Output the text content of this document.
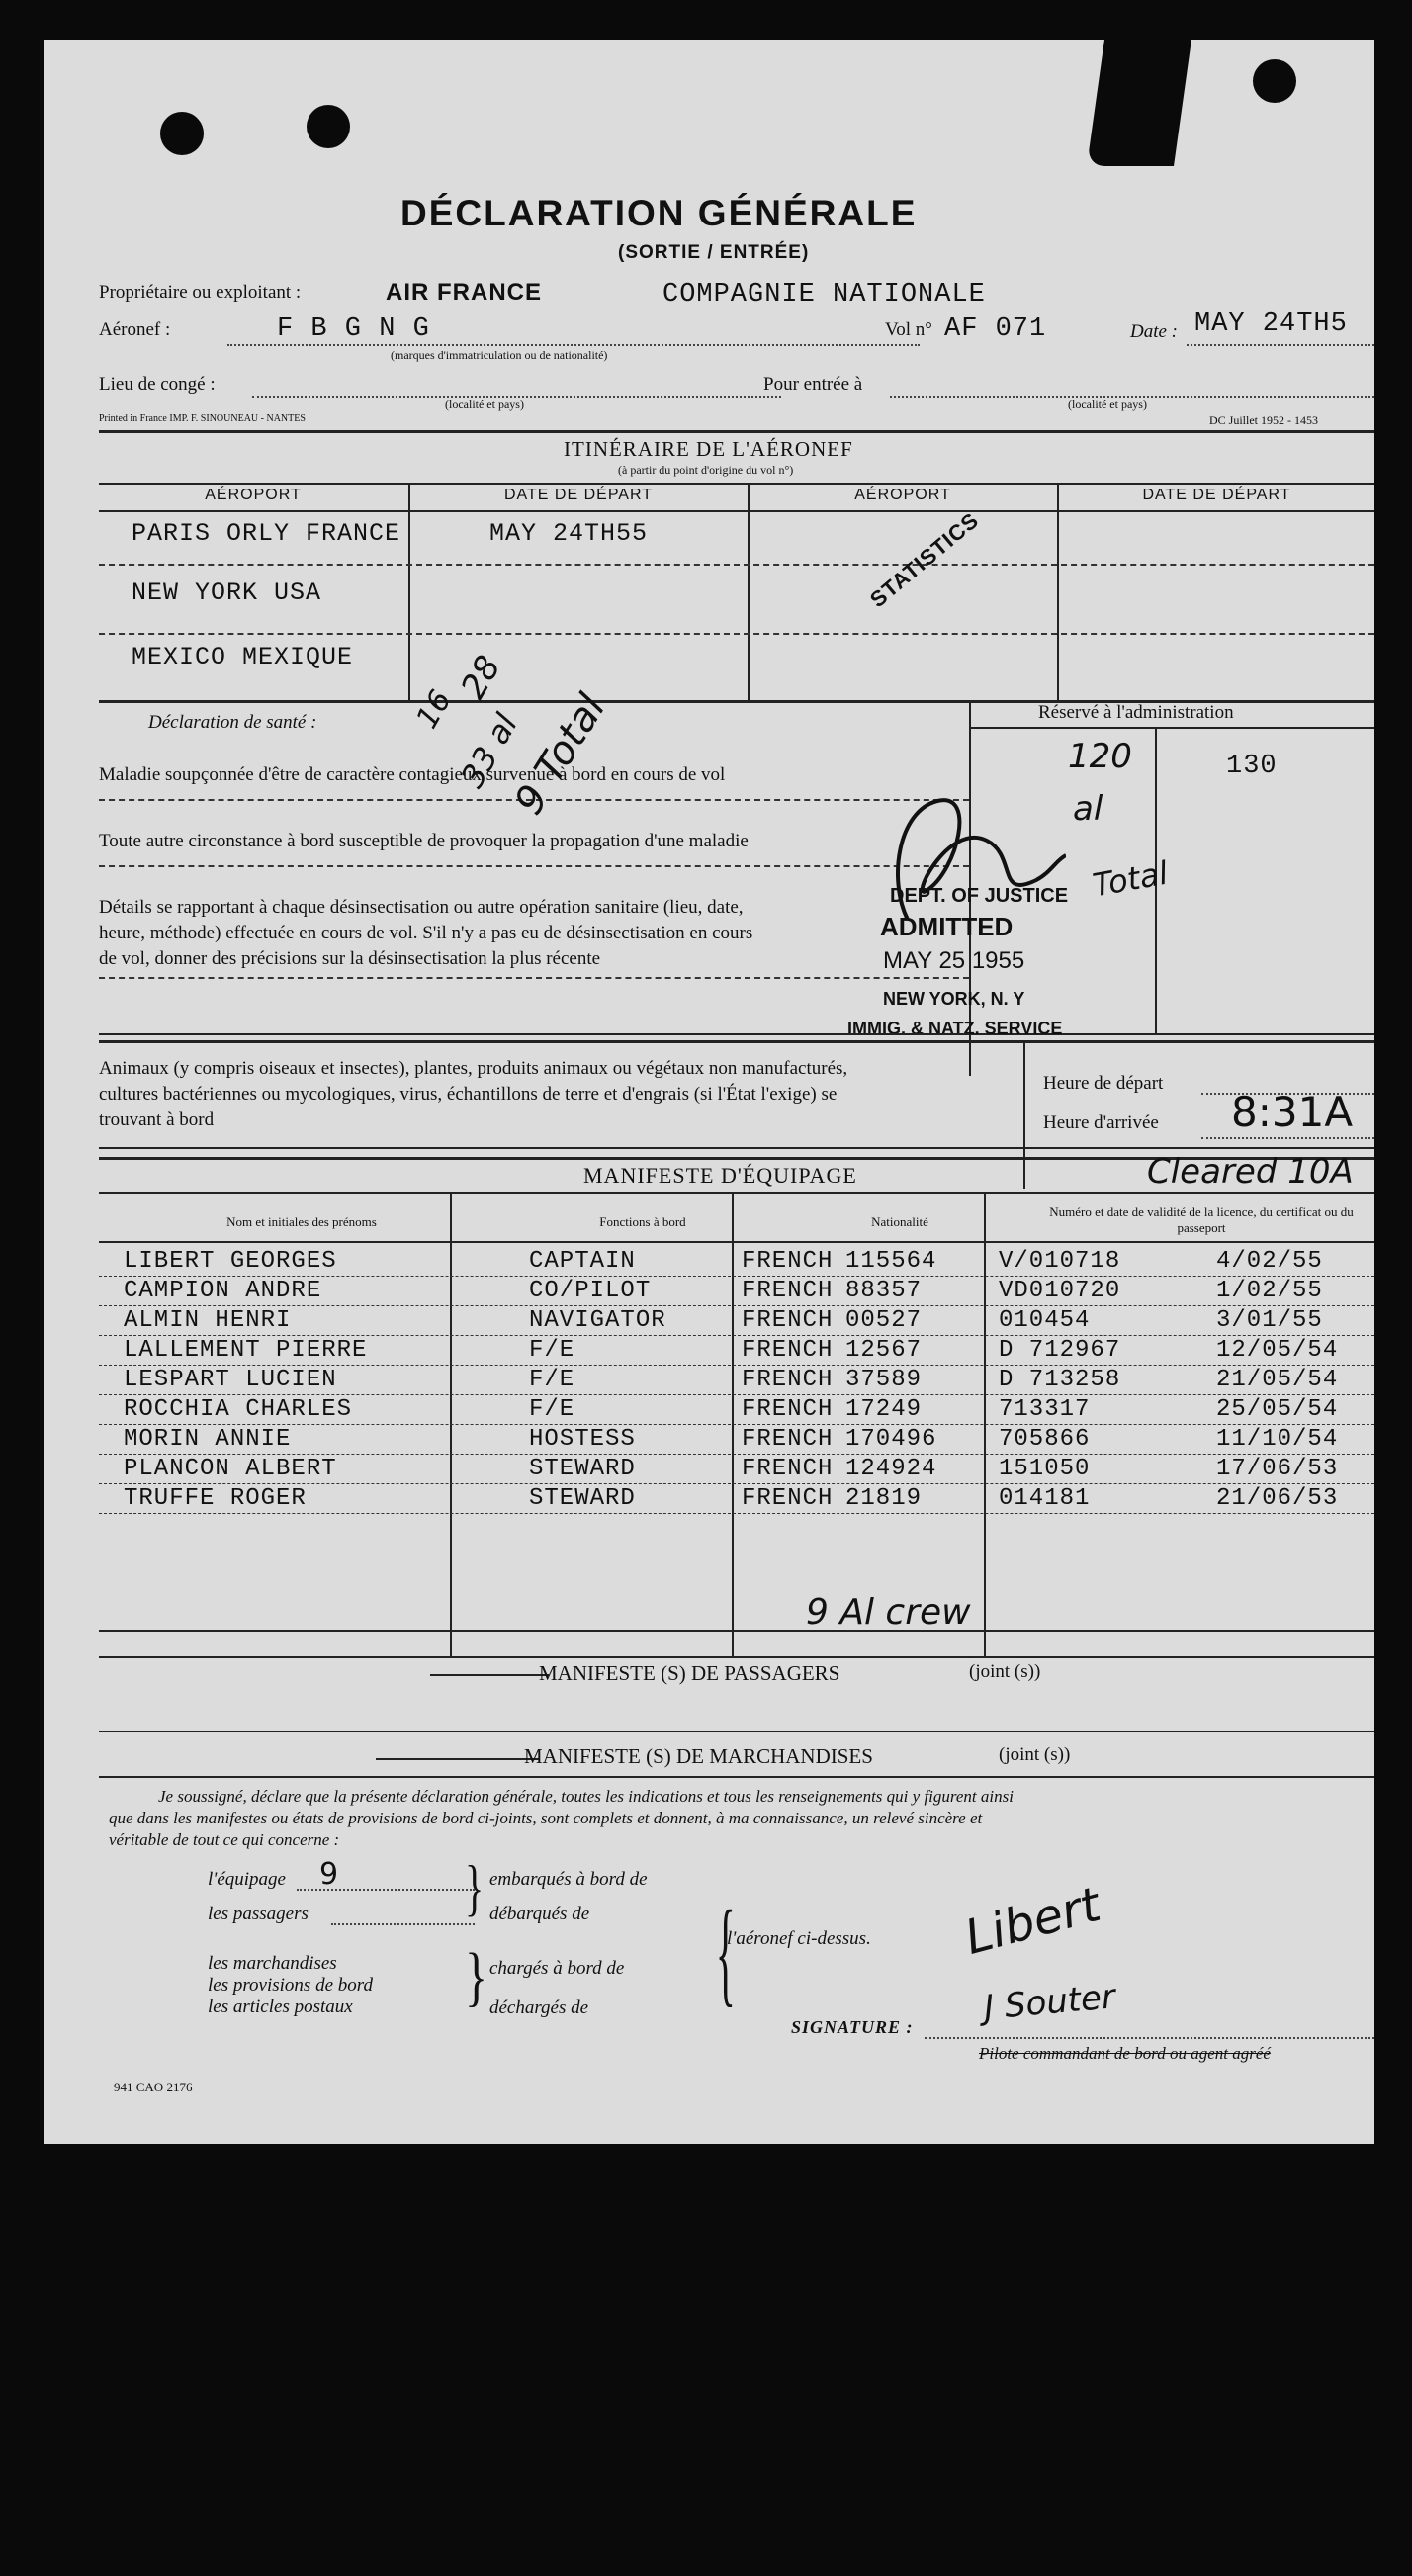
DÉCLARATION GÉNÉRALE
(SORTIE / ENTRÉE)
Propriétaire ou exploitant :	AIR FRANCE	COMPAGNIE NATIONALE
Aéronef :	F B G N G
(marques d'immatriculation ou de nationalité)
Vol n° AF 071	Date : MAY 24TH5
Lieu de congé :	Pour entrée à
(localité et pays)	(localité et pays)
Printed in France IMP. F. SINOUNEAU - NANTES	DC Juillet 1952 - 1453
ITINÉRAIRE DE L'AÉRONEF
(à partir du point d'origine du vol n°)
AÉROPORT	DATE DE DÉPART	AÉROPORT	DATE DE DÉPART
PARIS ORLY FRANCE	MAY 24TH55
NEW YORK USA
MEXICO MEXIQUE
STATISTICS
Déclaration de santé :
Maladie soupçonnée d'être de caractère contagieux survenue à bord en cours de vol
Toute autre circonstance à bord susceptible de provoquer la propagation d'une maladie
Détails se rapportant à chaque désinsectisation ou autre opération sanitaire (lieu, date,
heure, méthode) effectuée en cours de vol. S'il n'y a pas eu de désinsectisation en cours
de vol, donner des précisions sur la désinsectisation la plus récente
Réservé à l'administration
130
16
28
33 al
9 Total	120
al
Total
DEPT. OF JUSTICE
ADMITTED
MAY 25 1955
NEW YORK, N. Y
IMMIG. & NATZ. SERVICE
Animaux (y compris oiseaux et insectes), plantes, produits animaux ou végétaux non manufacturés,
cultures bactériennes ou mycologiques, virus, échantillons de terre et d'engrais (si l'État l'exige) se
trouvant à bord
Heure de départ
Heure d'arrivée 8:31A
MANIFESTE D'ÉQUIPAGE	Cleared 10A
Nom et initiales des prénoms	Fonctions à bord	Nationalité
Numéro et date de validité de la licence, du certificat ou du passeport
LIBERT GEORGES	CAPTAIN	FRENCH 115564	V/010718	4/02/55
CAMPION ANDRE	CO/PILOT	FRENCH 88357	VD010720	1/02/55
ALMIN HENRI	NAVIGATOR	FRENCH 00527	010454	3/01/55
LALLEMENT PIERRE	F/E	FRENCH 12567	D 712967	12/05/54
LESPART LUCIEN	F/E	FRENCH 37589	D 713258	21/05/54
ROCCHIA CHARLES	F/E	FRENCH 17249	713317	25/05/54
MORIN ANNIE	HOSTESS	FRENCH 170496	705866	11/10/54
PLANCON ALBERT	STEWARD	FRENCH 124924	151050	17/06/53
TRUFFE ROGER	STEWARD	FRENCH 21819	014181	21/06/53
9 Al crew
MANIFESTE (S) DE PASSAGERS	(joint (s))
MANIFESTE (S) DE MARCHANDISES	(joint (s))
Je soussigné, déclare que la présente déclaration générale, toutes les indications et tous les renseignements qui y figurent ainsi
que dans les manifestes ou états de provisions de bord ci-joints, sont complets et donnent, à ma connaissance, un relevé sincère et
véritable de tout ce qui concerne :
l'équipage 9
les passagers	} embarqués à bord de
débarqués de
les marchandises
les provisions de bord
les articles postaux } chargés à bord de
déchargés de {
l'aéronef ci-dessus. Libert
J Souter
SIGNATURE :
Pilote commandant de bord ou agent agréé
941 CAO 2176
